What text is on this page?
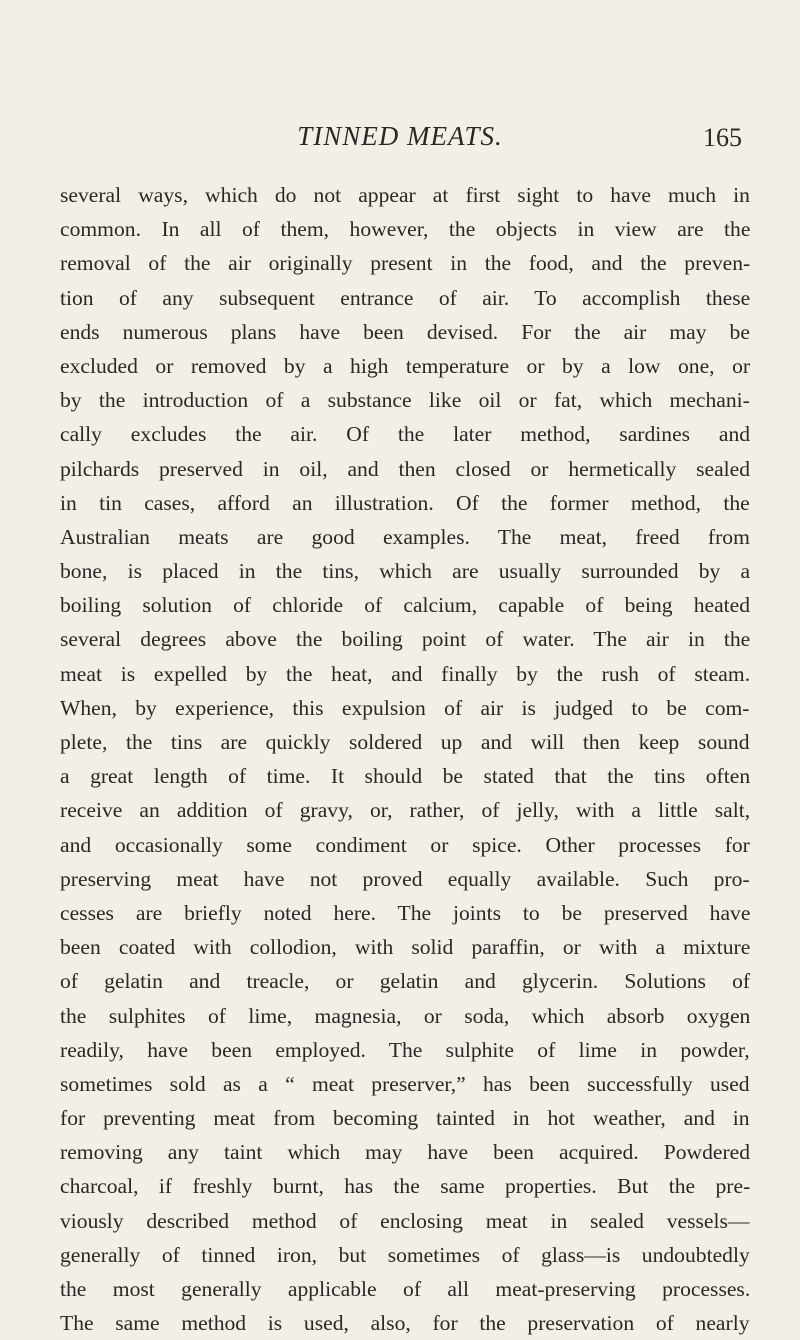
TINNED MEATS.	165
several ways, which do not appear at first sight to have much in
common. In all of them, however, the objects in view are the
removal of the air originally present in the food, and the preven-
tion of any subsequent entrance of air. To accomplish these
ends numerous plans have been devised. For the air may be
excluded or removed by a high temperature or by a low one, or
by the introduction of a substance like oil or fat, which mechani-
cally excludes the air. Of the later method, sardines and
pilchards preserved in oil, and then closed or hermetically sealed
in tin cases, afford an illustration. Of the former method, the
Australian meats are good examples. The meat, freed from
bone, is placed in the tins, which are usually surrounded by a
boiling solution of chloride of calcium, capable of being heated
several degrees above the boiling point of water. The air in the
meat is expelled by the heat, and finally by the rush of steam.
When, by experience, this expulsion of air is judged to be com-
plete, the tins are quickly soldered up and will then keep sound
a great length of time. It should be stated that the tins often
receive an addition of gravy, or, rather, of jelly, with a little salt,
and occasionally some condiment or spice. Other processes for
preserving meat have not proved equally available. Such pro-
cesses are briefly noted here. The joints to be preserved have
been coated with collodion, with solid paraffin, or with a mixture
of gelatin and treacle, or gelatin and glycerin. Solutions of
the sulphites of lime, magnesia, or soda, which absorb oxygen
readily, have been employed. The sulphite of lime in powder,
sometimes sold as a “ meat preserver,” has been successfully used
for preventing meat from becoming tainted in hot weather, and in
removing any taint which may have been acquired. Powdered
charcoal, if freshly burnt, has the same properties. But the pre-
viously described method of enclosing meat in sealed vessels—
generally of tinned iron, but sometimes of glass—is undoubtedly
the most generally applicable of all meat-preserving processes.
The same method is used, also, for the preservation of nearly
